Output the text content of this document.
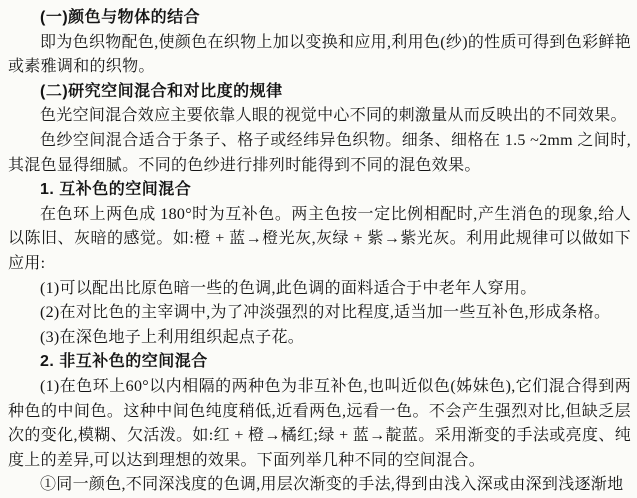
(一)颜色与物体的结合

即为色织物配色,使颜色在织物上加以变换和应用,利用色(纱)的性质可得到色彩鲜艳或素雅调和的织物。

(二)研究空间混合和对比度的规律

色光空间混合效应主要依靠人眼的视觉中心不同的刺激量从而反映出的不同效果。

色纱空间混合适合于条子、格子或经纬异色织物。细条、细格在 1.5 ~2mm 之间时,其混色显得细腻。不同的色纱进行排列时能得到不同的混色效果。

1. 互补色的空间混合

在色环上两色成 180°时为互补色。两主色按一定比例相配时,产生消色的现象,给人以陈旧、灰暗的感觉。如:橙 + 蓝→橙光灰,灰绿 + 紫→紫光灰。利用此规律可以做如下应用:

(1)可以配出比原色暗一些的色调,此色调的面料适合于中老年人穿用。

(2)在对比色的主宰调中,为了冲淡强烈的对比程度,适当加一些互补色,形成条格。

(3)在深色地子上利用组织起点子花。

2. 非互补色的空间混合

(1)在色环上60°以内相隔的两种色为非互补色,也叫近似色(姊妹色),它们混合得到两种色的中间色。这种中间色纯度稍低,近看两色,远看一色。不会产生强烈对比,但缺乏层次的变化,模糊、欠活泼。如:红 + 橙→橘红;绿 + 蓝→靛蓝。采用渐变的手法或亮度、纯度上的差异,可以达到理想的效果。下面列举几种不同的空间混合。

①同一颜色,不同深浅度的色调,用层次渐变的手法,得到由浅入深或由深到浅逐渐地
